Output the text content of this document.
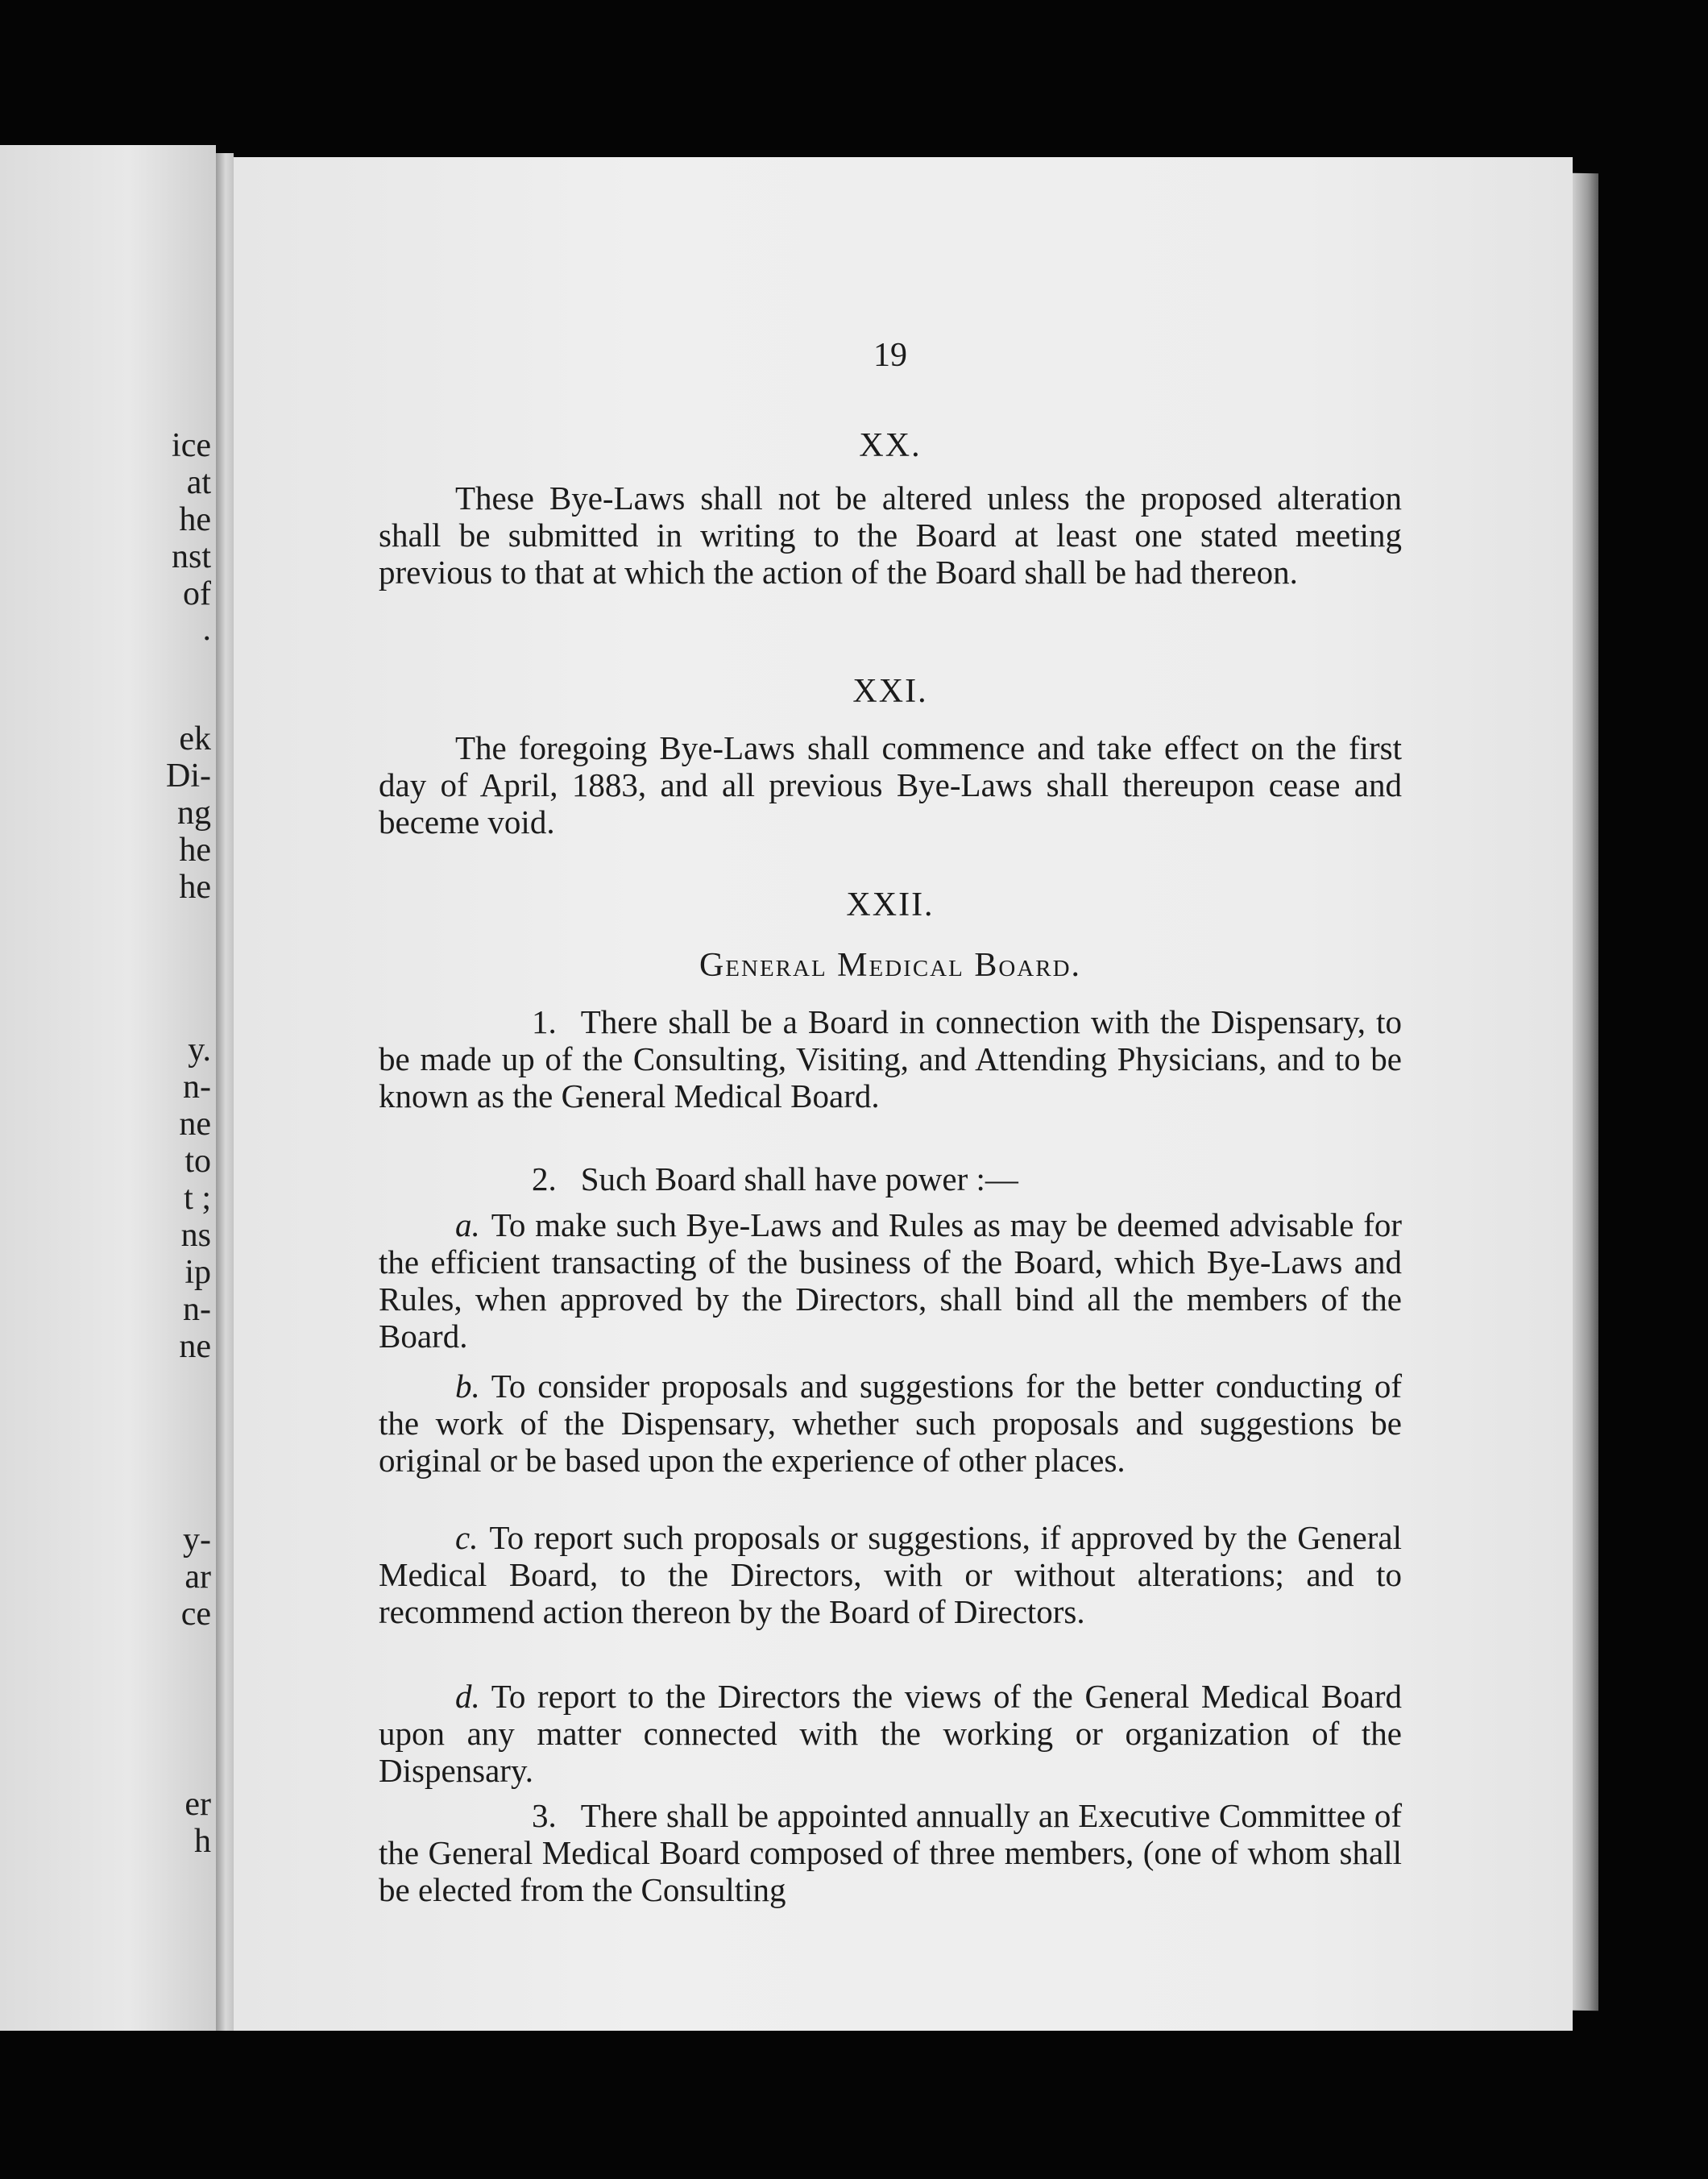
ice
at
he
nst
of
.
ek
Di-
ng
he
he
y.
n-
ne
to
t ;
ns
ip
n-
ne
y-
ar
ce
er
h
19
XX.

These Bye-Laws shall not be altered unless the proposed alteration shall be submitted in writing to the Board at least one stated meeting previous to that at which the action of the Board shall be had thereon.

XXI.

The foregoing Bye-Laws shall commence and take effect on the first day of April, 1883, and all previous Bye-Laws shall thereupon cease and beceme void.

XXII.
General Medical Board.

1. There shall be a Board in connection with the Dispensary, to be made up of the Consulting, Visiting, and Attending Physicians, and to be known as the General Medical Board.

2. Such Board shall have power :—

a. To make such Bye-Laws and Rules as may be deemed advisable for the efficient transacting of the business of the Board, which Bye-Laws and Rules, when approved by the Directors, shall bind all the members of the Board.

b. To consider proposals and suggestions for the better conducting of the work of the Dispensary, whether such proposals and suggestions be original or be based upon the experience of other places.

c. To report such proposals or suggestions, if approved by the General Medical Board, to the Directors, with or without alterations; and to recommend action thereon by the Board of Directors.

d. To report to the Directors the views of the General Medical Board upon any matter connected with the working or organization of the Dispensary.

3. There shall be appointed annually an Executive Committee of the General Medical Board composed of three members, (one of whom shall be elected from the Consulting
